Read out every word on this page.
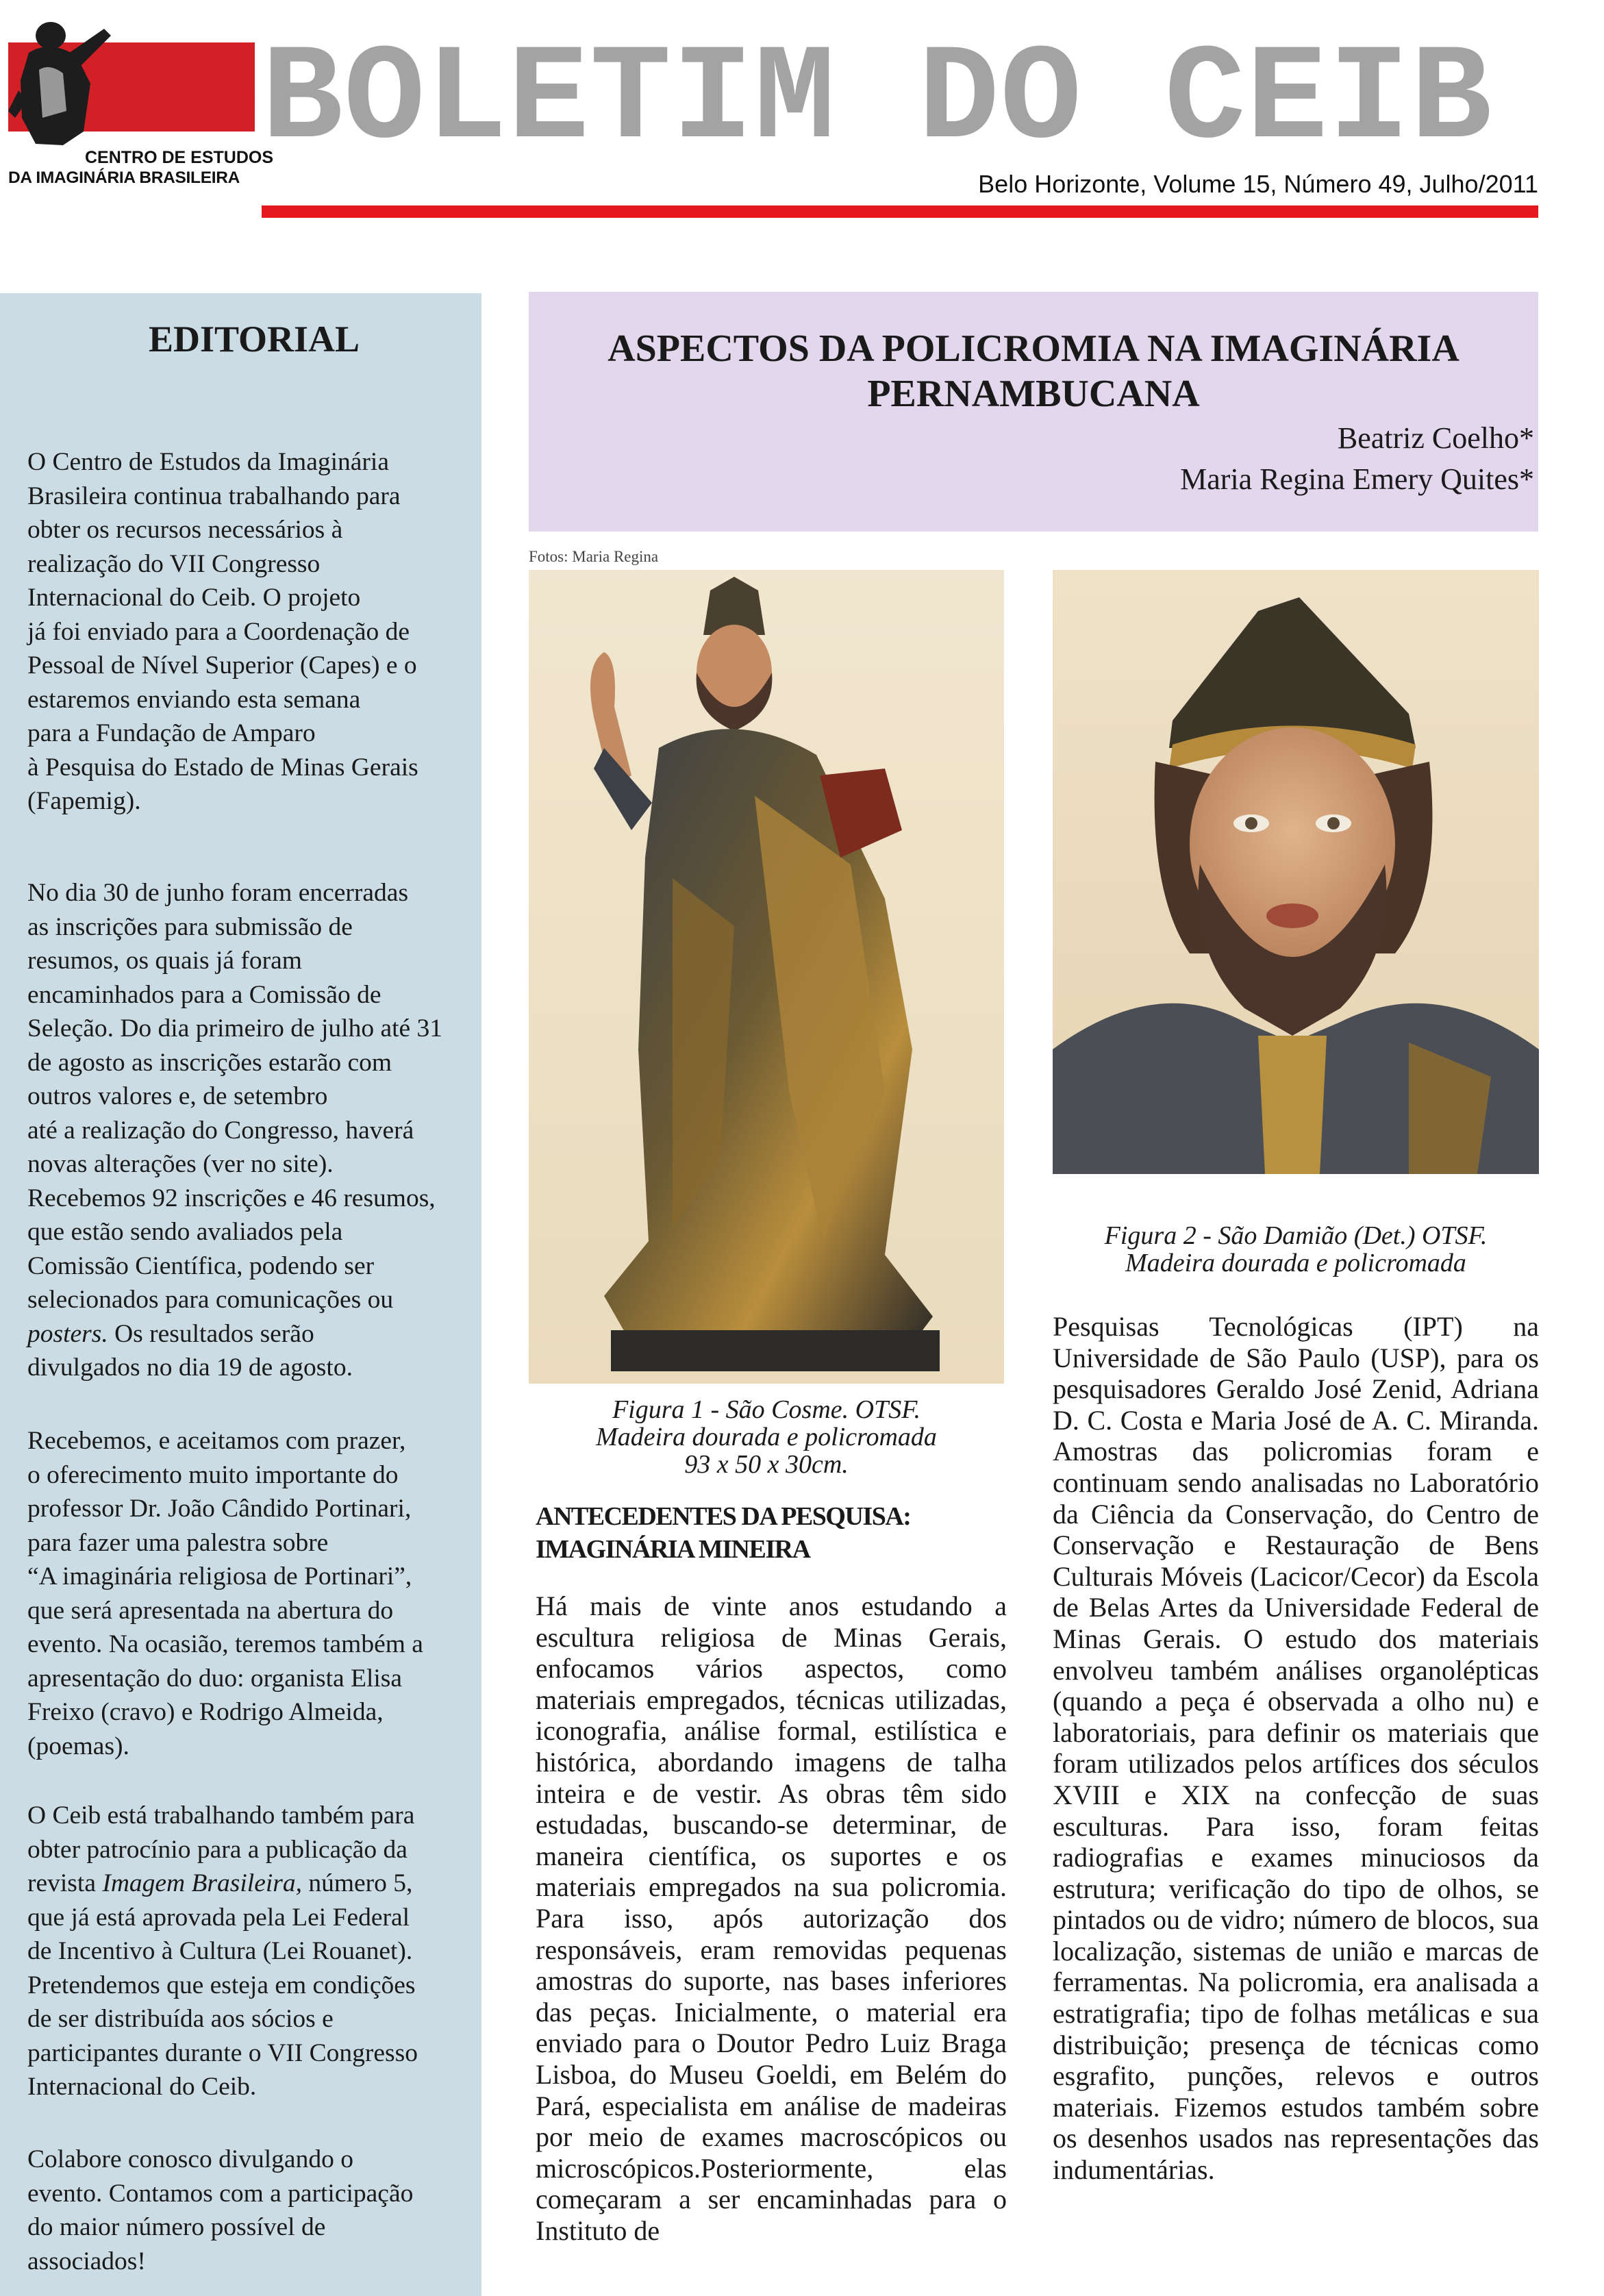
ceib
CENTRO DE ESTUDOS
DA IMAGINÁRIA BRASILEIRA
BOLETIM DO CEIB
Belo Horizonte, Volume 15, Número 49, Julho/2011
EDITORIAL

O Centro de Estudos da Imaginária
Brasileira continua trabalhando para
obter os recursos necessários à
realização do VII Congresso
Internacional do Ceib. O projeto
já foi enviado para a Coordenação de
Pessoal de Nível Superior (Capes) e o
estaremos enviando esta semana
para a Fundação de Amparo
à Pesquisa do Estado de Minas Gerais
(Fapemig).

No dia 30 de junho foram encerradas
as inscrições para submissão de
resumos, os quais já foram
encaminhados para a Comissão de
Seleção. Do dia primeiro de julho até 31
de agosto as inscrições estarão com
outros valores e, de setembro
até a realização do Congresso, haverá
novas alterações (ver no site).
Recebemos 92 inscrições e 46 resumos,
que estão sendo avaliados pela
Comissão Científica, podendo ser
selecionados para comunicações ou
posters. Os resultados serão
divulgados no dia 19 de agosto.

Recebemos, e aceitamos com prazer,
o oferecimento muito importante do
professor Dr. João Cândido Portinari,
para fazer uma palestra sobre
“A imaginária religiosa de Portinari”,
que será apresentada na abertura do
evento. Na ocasião, teremos também a
apresentação do duo: organista Elisa
Freixo (cravo) e Rodrigo Almeida,
(poemas).

O Ceib está trabalhando também para
obter patrocínio para a publicação da
revista Imagem Brasileira, número 5,
que já está aprovada pela Lei Federal
de Incentivo à Cultura (Lei Rouanet).
Pretendemos que esteja em condições
de ser distribuída aos sócios e
participantes durante o VII Congresso
Internacional do Ceib.

Colabore conosco divulgando o
evento. Contamos com a participação
do maior número possível de
associados!

ASPECTOS DA POLICROMIA NA IMAGINÁRIA
PERNAMBUCANA
Beatriz Coelho*
Maria Regina Emery Quites*
Fotos: Maria Regina
Figura 1 - São Cosme. OTSF.
Madeira dourada e policromada
93 x 50 x 30cm.
Figura 2 - São Damião (Det.) OTSF.
Madeira dourada e policromada
ANTECEDENTES DA PESQUISA:
IMAGINÁRIA MINEIRA

Há mais de vinte anos estudando a escultura religiosa de Minas Gerais, enfocamos vários aspectos, como materiais empregados, técnicas utilizadas, iconografia, análise formal, estilística e histórica, abordando imagens de talha inteira e de vestir. As obras têm sido estudadas, buscando-se determinar, de maneira científica, os suportes e os materiais empregados na sua policromia. Para isso, após autorização dos responsáveis, eram removidas pequenas amostras do suporte, nas bases inferiores das peças. Inicialmente, o material era enviado para o Doutor Pedro Luiz Braga Lisboa, do Museu Goeldi, em Belém do Pará, especialista em análise de madeiras por meio de exames macroscópicos ou microscópicos.Posteriormente, elas começaram a ser encaminhadas para o Instituto de

Pesquisas Tecnológicas (IPT) na Universidade de São Paulo (USP), para os pesquisadores Geraldo José Zenid, Adriana D. C. Costa e Maria José de A. C. Miranda. Amostras das policromias foram e continuam sendo analisadas no Laboratório da Ciência da Conservação, do Centro de Conservação e Restauração de Bens Culturais Móveis (Lacicor/Cecor) da Escola de Belas Artes da Universidade Federal de Minas Gerais. O estudo dos materiais envolveu também análises organolépticas (quando a peça é observada a olho nu) e laboratoriais, para definir os materiais que foram utilizados pelos artífices dos séculos XVIII e XIX na confecção de suas esculturas. Para isso, foram feitas radiografias e exames minuciosos da estrutura; verificação do tipo de olhos, se pintados ou de vidro; número de blocos, sua localização, sistemas de união e marcas de ferramentas. Na policromia, era analisada a estratigrafia; tipo de folhas metálicas e sua distribuição; presença de técnicas como esgrafito, punções, relevos e outros materiais. Fizemos estudos também sobre os desenhos usados nas representações das indumentárias.
